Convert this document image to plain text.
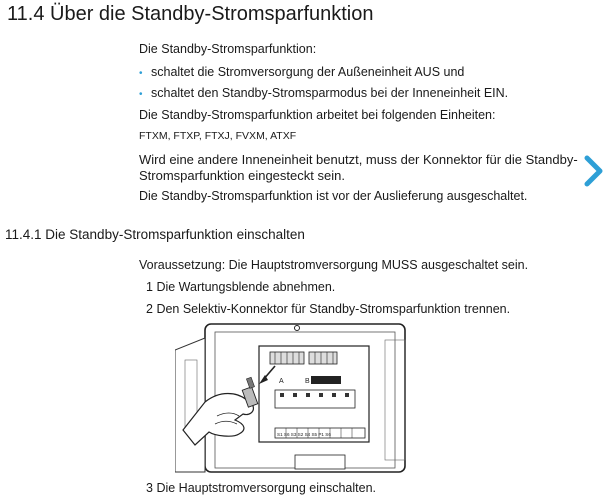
11.4 Über die Standby-Stromsparfunktion
Die Standby-Stromsparfunktion:
• schaltet die Stromversorgung der Außeneinheit AUS und
• schaltet den Standby-Stromsparmodus bei der Inneneinheit EIN.
Die Standby-Stromsparfunktion arbeitet bei folgenden Einheiten:
FTXM, FTXP, FTXJ, FVXM, ATXF
Wird eine andere Inneneinheit benutzt, muss der Konnektor für die Standby-
Stromsparfunktion eingesteckt sein.
Die Standby-Stromsparfunktion ist vor der Auslieferung ausgeschaltet.
11.4.1 Die Standby-Stromsparfunktion einschalten
Voraussetzung: Die Hauptstromversorgung MUSS ausgeschaltet sein.
1 Die Wartungsblende abnehmen.
2 Den Selektiv-Konnektor für Standby-Stromsparfunktion trennen.
3 Die Hauptstromversorgung einschalten.
A	B
S1 S6 S3 S2 S4 S5 P1 S6
